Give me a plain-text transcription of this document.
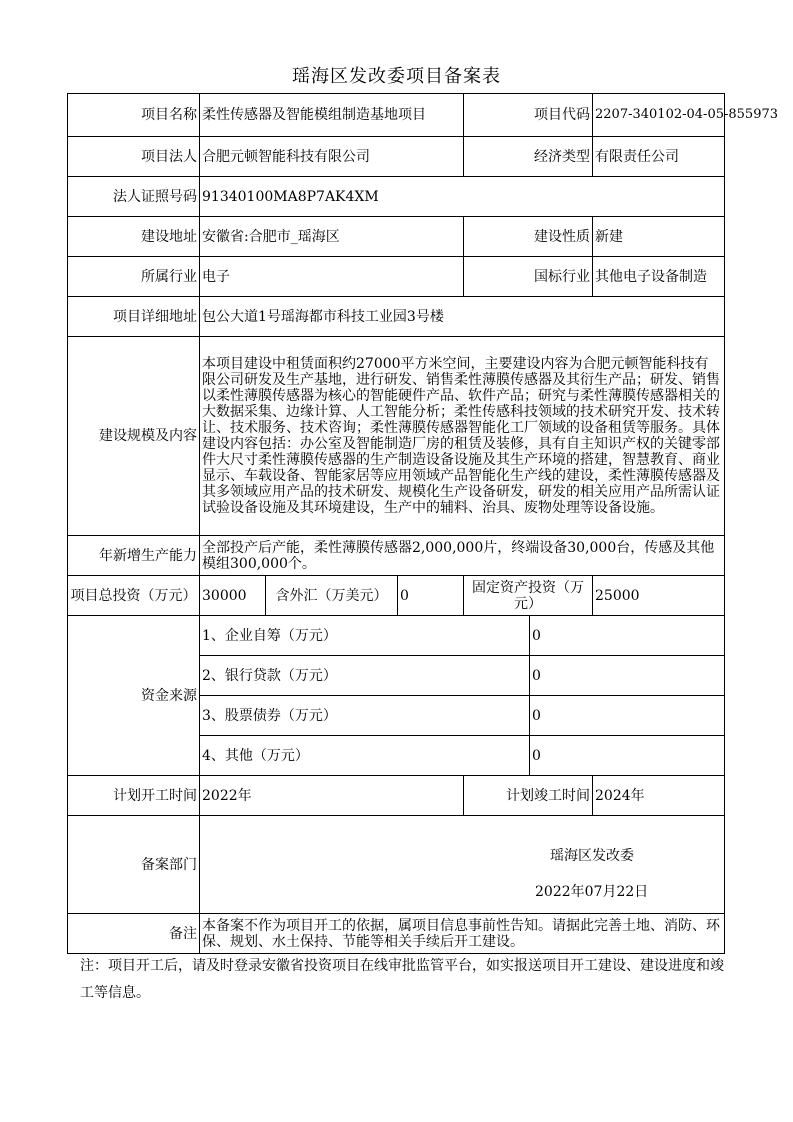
瑶海区发改委项目备案表
项目名称	柔性传感器及智能模组制造基地项目			项目代码		2207-340102-04-05-855973
项目法人	合肥元顿智能科技有限公司			经济类型		有限责任公司
法人证照号码	91340100MA8P7AK4XM					
建设地址	安徽省:合肥市_瑶海区			建设性质		新建
所属行业	电子			国标行业		其他电子设备制造
项目详细地址	包公大道1号瑶海都市科技工业园3号楼					
建设规模及内容	本项目建设中租赁面积约27000平方米空间，主要建设内容为合肥元顿智能科技有限公司研发及生产基地，进行研发、销售柔性薄膜传感器及其衍生产品；研发、销售以柔性薄膜传感器为核心的智能硬件产品、软件产品；研究与柔性薄膜传感器相关的大数据采集、边缘计算、人工智能分析；柔性传感科技领域的技术研究开发、技术转让、技术服务、技术咨询；柔性薄膜传感器智能化工厂领域的设备租赁等服务。具体建设内容包括：办公室及智能制造厂房的租赁及装修，具有自主知识产权的关键零部件大尺寸柔性薄膜传感器的生产制造设备设施及其生产环境的搭建，智慧教育、商业显示、车载设备、智能家居等应用领域产品智能化生产线的建设，柔性薄膜传感器及其多领域应用产品的技术研发、规模化生产设备研发，研发的相关应用产品所需认证试验设备设施及其环境建设，生产中的辅料、治具、废物处理等设备设施。					
年新增生产能力	全部投产后产能，柔性薄膜传感器2,000,000片，终端设备30,000台，传感及其他模组300,000个。					
项目总投资（万元）	30000	含外汇（万美元）	0	固定资产投资（万元）		25000
资金来源	1、企业自筹（万元）				0	
	2、银行贷款（万元）				0	
	3、股票债券（万元）				0	
	4、其他（万元）				0	
计划开工时间	2022年			计划竣工时间		2024年
备案部门	瑶海区发改委
2022年07月22日					

备注	本备案不作为项目开工的依据，属项目信息事前性告知。请据此完善土地、消防、环保、规划、水土保持、节能等相关手续后开工建设。					
注：项目开工后，请及时登录安徽省投资项目在线审批监管平台，如实报送项目开工建设、建设进度和竣工等信息。
